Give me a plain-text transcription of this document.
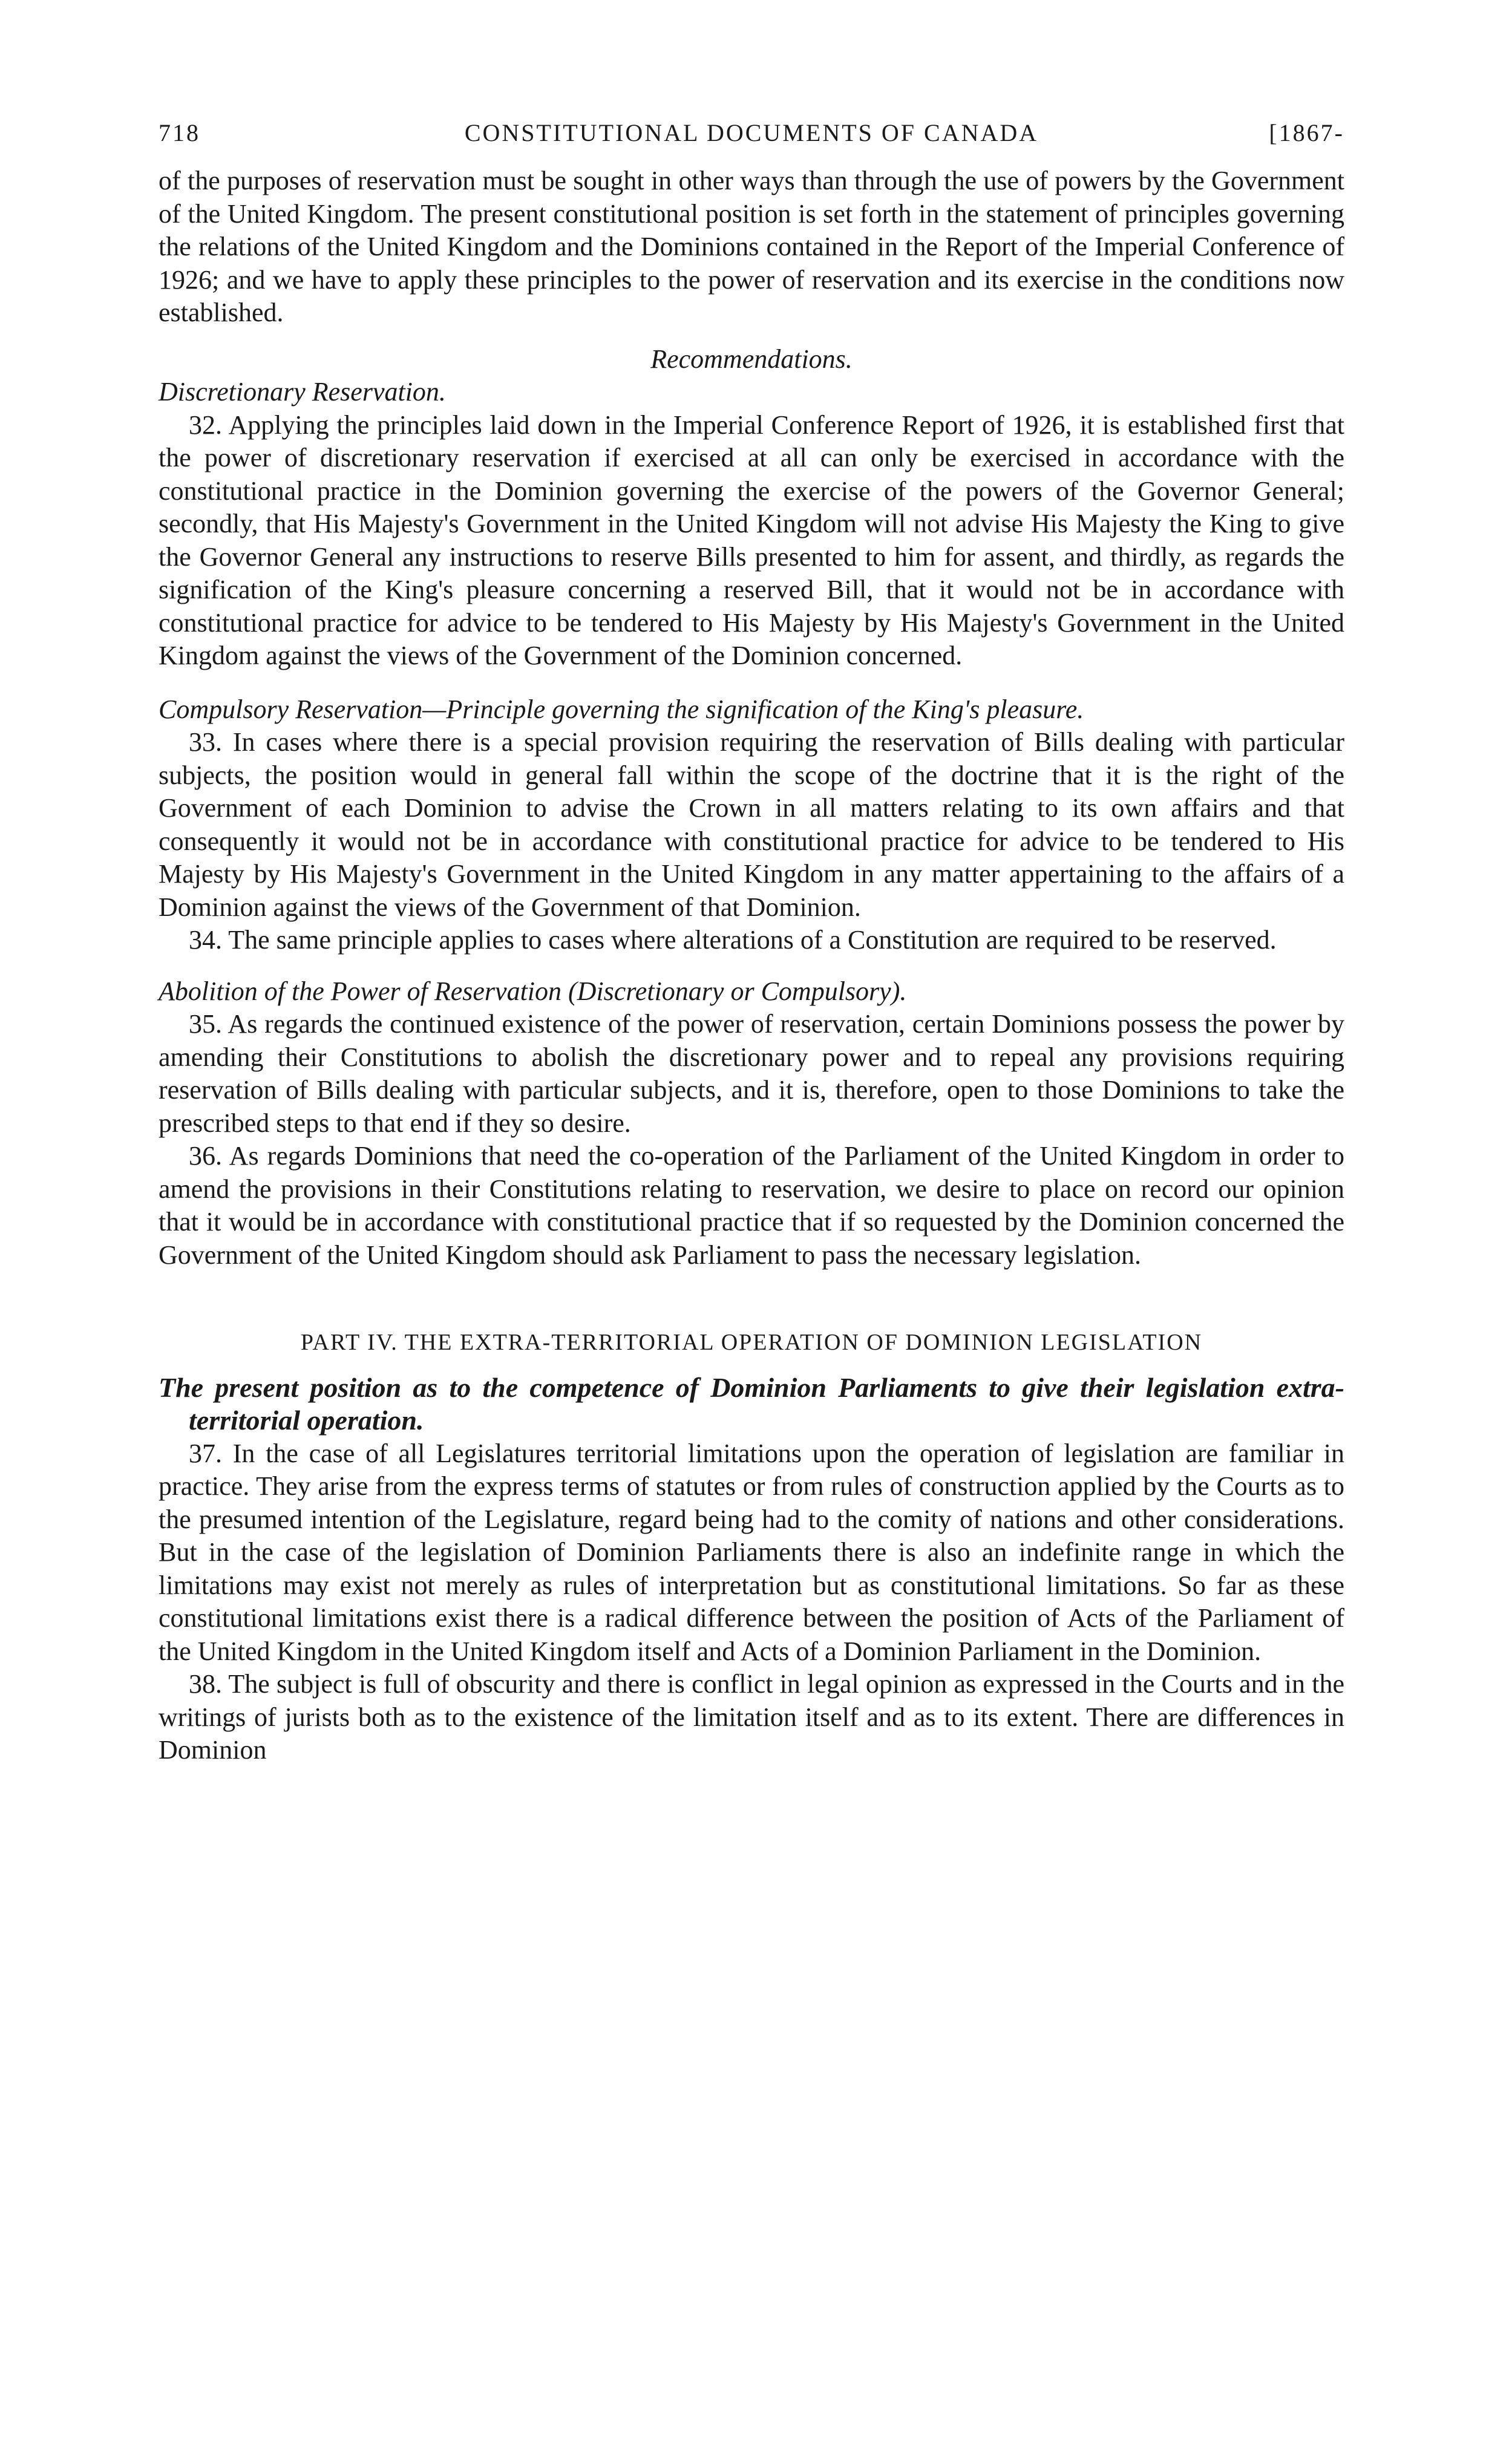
718	CONSTITUTIONAL DOCUMENTS OF CANADA	[1867-

of the purposes of reservation must be sought in other ways than through the use of powers by the Government of the United Kingdom. The present constitutional position is set forth in the statement of principles governing the relations of the United Kingdom and the Dominions contained in the Report of the Imperial Conference of 1926; and we have to apply these principles to the power of reservation and its exercise in the conditions now established.

Recommendations.
Discretionary Reservation.

32. Applying the principles laid down in the Imperial Conference Report of 1926, it is established first that the power of discretionary reservation if exercised at all can only be exercised in accordance with the constitutional practice in the Dominion governing the exercise of the powers of the Governor General; secondly, that His Majesty's Government in the United Kingdom will not advise His Majesty the King to give the Governor General any instructions to reserve Bills presented to him for assent, and thirdly, as regards the signification of the King's pleasure concerning a reserved Bill, that it would not be in accordance with constitutional practice for advice to be tendered to His Majesty by His Majesty's Government in the United Kingdom against the views of the Government of the Dominion concerned.

Compulsory Reservation—Principle governing the signification of the King's pleasure.

33. In cases where there is a special provision requiring the reservation of Bills dealing with particular subjects, the position would in general fall within the scope of the doctrine that it is the right of the Government of each Dominion to advise the Crown in all matters relating to its own affairs and that consequently it would not be in accordance with constitutional practice for advice to be tendered to His Majesty by His Majesty's Government in the United Kingdom in any matter appertaining to the affairs of a Dominion against the views of the Government of that Dominion.

34. The same principle applies to cases where alterations of a Constitution are required to be reserved.

Abolition of the Power of Reservation (Discretionary or Compulsory).

35. As regards the continued existence of the power of reservation, certain Dominions possess the power by amending their Constitutions to abolish the discretionary power and to repeal any provisions requiring reservation of Bills dealing with particular subjects, and it is, therefore, open to those Dominions to take the prescribed steps to that end if they so desire.

36. As regards Dominions that need the co-operation of the Parliament of the United Kingdom in order to amend the provisions in their Constitutions relating to reservation, we desire to place on record our opinion that it would be in accordance with constitutional practice that if so requested by the Dominion concerned the Government of the United Kingdom should ask Parliament to pass the necessary legislation.

PART IV. THE EXTRA-TERRITORIAL OPERATION OF DOMINION LEGISLATION
The present position as to the competence of Dominion Parliaments to give their legislation extra-territorial operation.

37. In the case of all Legislatures territorial limitations upon the operation of legislation are familiar in practice. They arise from the express terms of statutes or from rules of construction applied by the Courts as to the presumed intention of the Legislature, regard being had to the comity of nations and other considerations. But in the case of the legislation of Dominion Parliaments there is also an indefinite range in which the limitations may exist not merely as rules of interpretation but as constitutional limitations. So far as these constitutional limitations exist there is a radical difference between the position of Acts of the Parliament of the United Kingdom in the United Kingdom itself and Acts of a Dominion Parliament in the Dominion.

38. The subject is full of obscurity and there is conflict in legal opinion as expressed in the Courts and in the writings of jurists both as to the existence of the limitation itself and as to its extent. There are differences in Dominion
